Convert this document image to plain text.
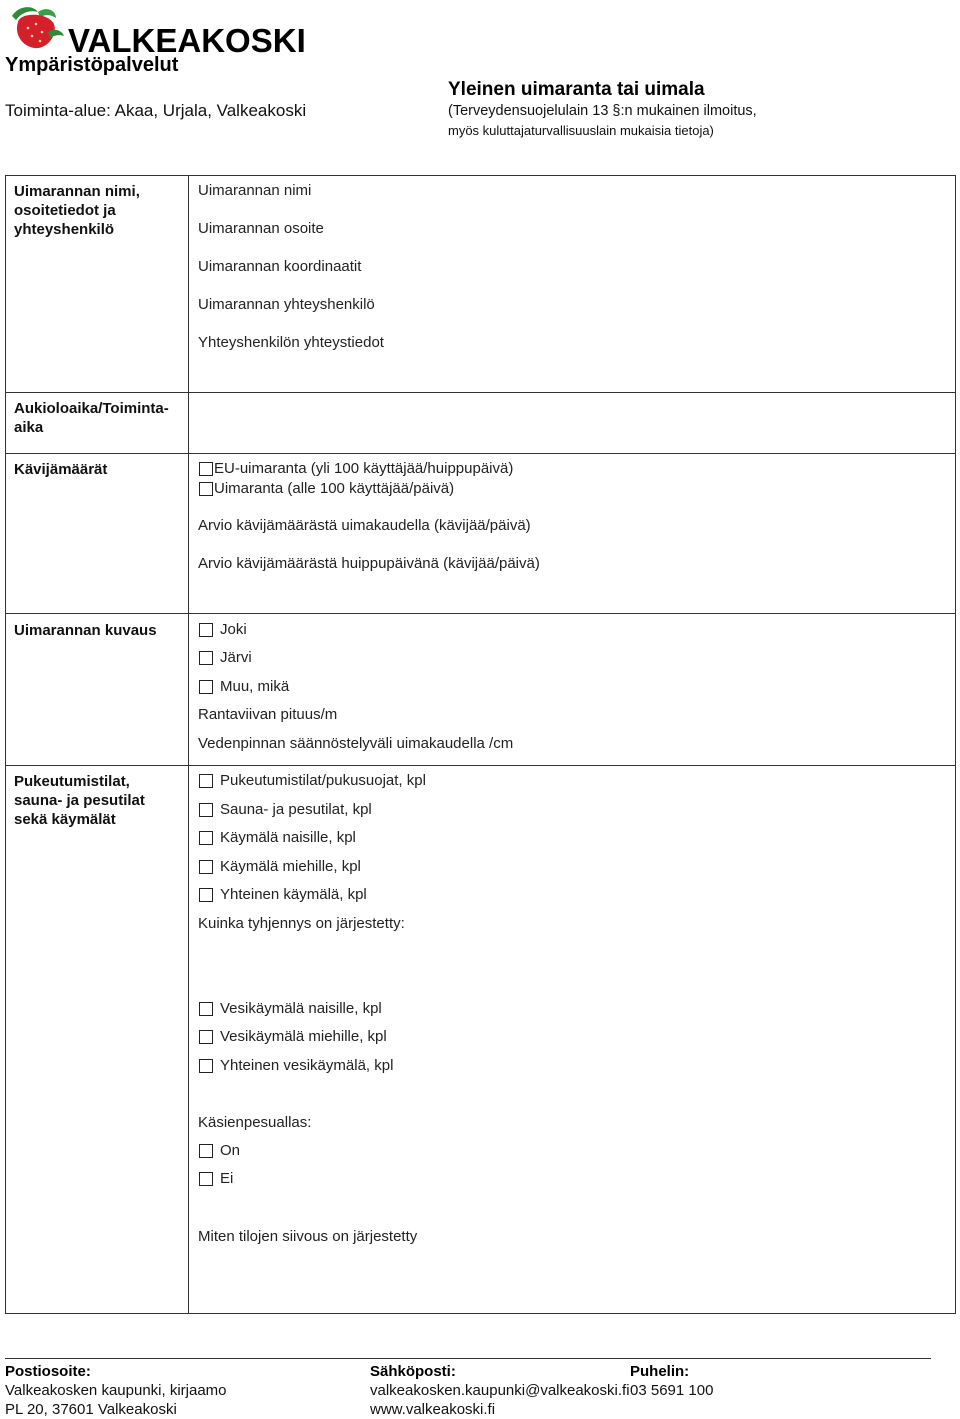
VALKEAKOSKI
Ympäristöpalvelut
Toiminta-alue: Akaa, Urjala, Valkeakoski
Yleinen uimaranta tai uimala
(Terveydensuojelulain 13 §:n mukainen ilmoitus,
myös kuluttajaturvallisuuslain mukaisia tietoja)
Uimarannan nimi, osoitetiedot ja yhteyshenkilö
Uimarannan nimi
Uimarannan osoite
Uimarannan koordinaatit
Uimarannan yhteyshenkilö
Yhteyshenkilön yhteystiedot
Aukioloaika/Toiminta-aika
Kävijämäärät	EU-uimaranta (yli 100 käyttäjää/huippupäivä)
Uimaranta (alle 100 käyttäjää/päivä)
Arvio kävijämäärästä uimakaudella (kävijää/päivä)
Arvio kävijämäärästä huippupäivänä (kävijää/päivä)
Uimarannan kuvaus	Joki
Järvi
Muu, mikä
Rantaviivan pituus/m
Vedenpinnan säännöstelyväli uimakaudella /cm
Pukeutumistilat, sauna- ja pesutilat sekä käymälät
Pukeutumistilat/pukusuojat, kpl
Sauna- ja pesutilat, kpl
Käymälä naisille, kpl
Käymälä miehille, kpl
Yhteinen käymälä, kpl
Kuinka tyhjennys on järjestetty:
Vesikäymälä naisille, kpl
Vesikäymälä miehille, kpl
Yhteinen vesikäymälä, kpl
Käsienpesuallas:
On
Ei
Miten tilojen siivous on järjestetty
Postiosoite:
Valkeakosken kaupunki, kirjaamo
PL 20, 37601 Valkeakoski
Sähköposti:
valkeakosken.kaupunki@valkeakoski.fi
www.valkeakoski.fi
Puhelin:
03 5691 100
